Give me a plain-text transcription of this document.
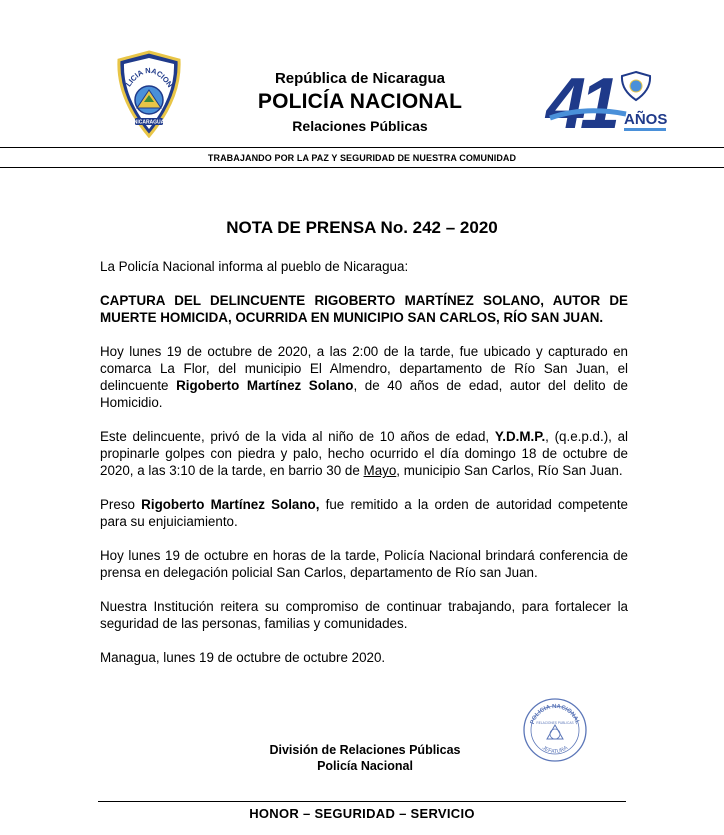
LICIA NACION
NICARAGUA
República de Nicaragua
POLICÍA NACIONAL
Relaciones Públicas	41 AÑOS
TRABAJANDO POR LA PAZ Y SEGURIDAD DE NUESTRA COMUNIDAD
NOTA DE PRENSA No. 242 – 2020

La Policía Nacional informa al pueblo de Nicaragua:

CAPTURA DEL DELINCUENTE RIGOBERTO MARTÍNEZ SOLANO, AUTOR DE MUERTE HOMICIDA, OCURRIDA EN MUNICIPIO SAN CARLOS, RÍO SAN JUAN.

Hoy lunes 19 de octubre de 2020, a las 2:00 de la tarde, fue ubicado y capturado en comarca La Flor, del municipio El Almendro, departamento de Río San Juan, el delincuente Rigoberto Martínez Solano, de 40 años de edad, autor del delito de Homicidio.

Este delincuente, privó de la vida al niño de 10 años de edad, Y.D.M.P., (q.e.p.d.), al propinarle golpes con piedra y palo, hecho ocurrido el día domingo 18 de octubre de 2020, a las 3:10 de la tarde, en barrio 30 de Mayo, municipio San Carlos, Río San Juan.

Preso Rigoberto Martínez Solano, fue remitido a la orden de autoridad competente para su enjuiciamiento.

Hoy lunes 19 de octubre en horas de la tarde, Policía Nacional brindará conferencia de prensa en delegación policial San Carlos, departamento de Río san Juan.

Nuestra Institución reitera su compromiso de continuar trabajando, para fortalecer la seguridad de las personas, familias y comunidades.

Managua, lunes 19 de octubre de octubre 2020.

POLICIA NACIONAL
RELACIONES PUBLICAS
JEFATURA
División de Relaciones Públicas
Policía Nacional
HONOR – SEGURIDAD – SERVICIO
